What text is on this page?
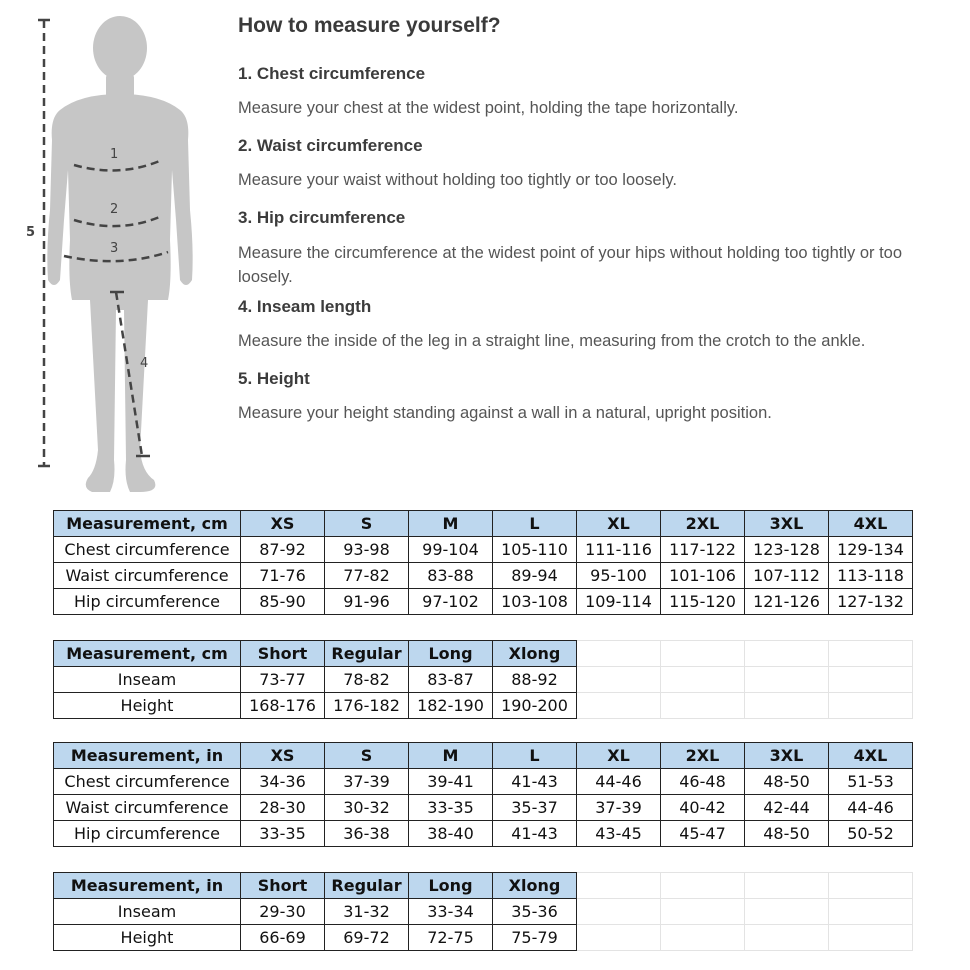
5
1
2
3
4
How to measure yourself?
1. Chest circumference
Measure your chest at the widest point, holding the tape horizontally.
2. Waist circumference
Measure your waist without holding too tightly or too loosely.
3. Hip circumference
Measure the circumference at the widest point of your hips without holding too tightly or too loosely.
4. Inseam length
Measure the inside of the leg in a straight line, measuring from the crotch to the ankle.
5. Height
Measure your height standing against a wall in a natural, upright position.
Measurement, cm	XS	S	M	L	XL	2XL	3XL	4XL
Chest circumference	87-92	93-98	99-104	105-110	111-116	117-122	123-128	129-134
Waist circumference	71-76	77-82	83-88	89-94	95-100	101-106	107-112	113-118
Hip circumference	85-90	91-96	97-102	103-108	109-114	115-120	121-126	127-132
Measurement, cm	Short	Regular	Long	Xlong				
Inseam	73-77	78-82	83-87	88-92				
Height	168-176	176-182	182-190	190-200				
Measurement, in	XS	S	M	L	XL	2XL	3XL	4XL
Chest circumference	34-36	37-39	39-41	41-43	44-46	46-48	48-50	51-53
Waist circumference	28-30	30-32	33-35	35-37	37-39	40-42	42-44	44-46
Hip circumference	33-35	36-38	38-40	41-43	43-45	45-47	48-50	50-52
Measurement, in	Short	Regular	Long	Xlong				
Inseam	29-30	31-32	33-34	35-36				
Height	66-69	69-72	72-75	75-79				
